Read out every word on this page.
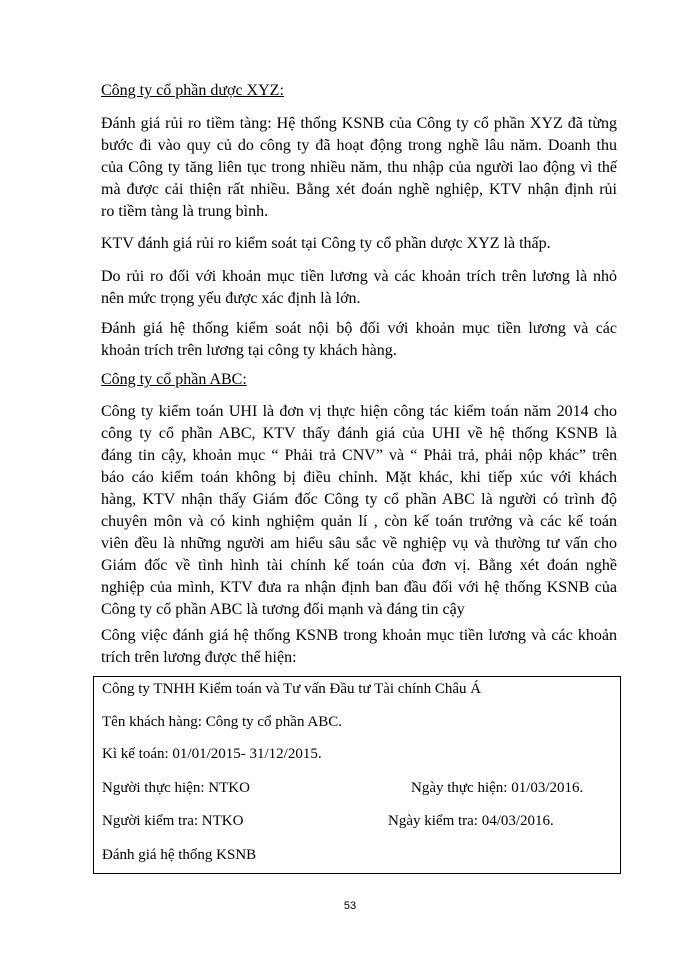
Công ty cổ phần dược XYZ:
Đánh giá rủi ro tiềm tàng: Hệ thống KSNB của Công ty cổ phần XYZ đã từng
bước đi vào quy củ do công ty đã hoạt động trong nghề lâu năm. Doanh thu
của Công ty tăng liên tục trong nhiều năm, thu nhập của người lao động vì thế
mà được cải thiện rất nhiều. Bằng xét đoán nghề nghiệp, KTV nhận định rủi
ro tiềm tàng là trung bình.
KTV đánh giá rủi ro kiểm soát tại Công ty cổ phần dược XYZ là thấp.
Do rủi ro đối với khoản mục tiền lương và các khoản trích trên lương là nhỏ
nên mức trọng yếu được xác định là lớn.
Đánh giá hệ thống kiểm soát nội bộ đối với khoản mục tiền lương và các
khoản trích trên lương tại công ty khách hàng.
Công ty cổ phần ABC:
Công ty kiểm toán UHI là đơn vị thực hiện công tác kiểm toán năm 2014 cho
công ty cổ phần ABC, KTV thấy đánh giá của UHI về hệ thống KSNB là
đáng tin cậy, khoản mục “ Phải trả CNV” và “ Phải trả, phải nộp khác” trên
báo cáo kiểm toán không bị điều chỉnh. Mặt khác, khi tiếp xúc với khách
hàng, KTV nhận thấy Giám đốc Công ty cổ phần ABC là người có trình độ
chuyên môn và có kinh nghiệm quản lí , còn kế toán trưởng và các kế toán
viên đều là những người am hiểu sâu sắc về nghiệp vụ và thường tư vấn cho
Giám đốc về tình hình tài chính kế toán của đơn vị. Bằng xét đoán nghề
nghiệp của mình, KTV đưa ra nhận định ban đầu đối với hệ thống KSNB của
Công ty cổ phần ABC là tương đối mạnh và đáng tin cậy
Công việc đánh giá hệ thống KSNB trong khoản mục tiền lương và các khoản
trích trên lương được thể hiện:
Công ty TNHH Kiểm toán và Tư vấn Đầu tư Tài chính Châu Á
Tên khách hàng: Công ty cổ phần ABC.
Kì kế toán: 01/01/2015- 31/12/2015.
Người thực hiện: NTKO	Ngày thực hiện: 01/03/2016.
Người kiểm tra: NTKO	Ngày kiểm tra: 04/03/2016.
Đánh giá hệ thống KSNB
53
